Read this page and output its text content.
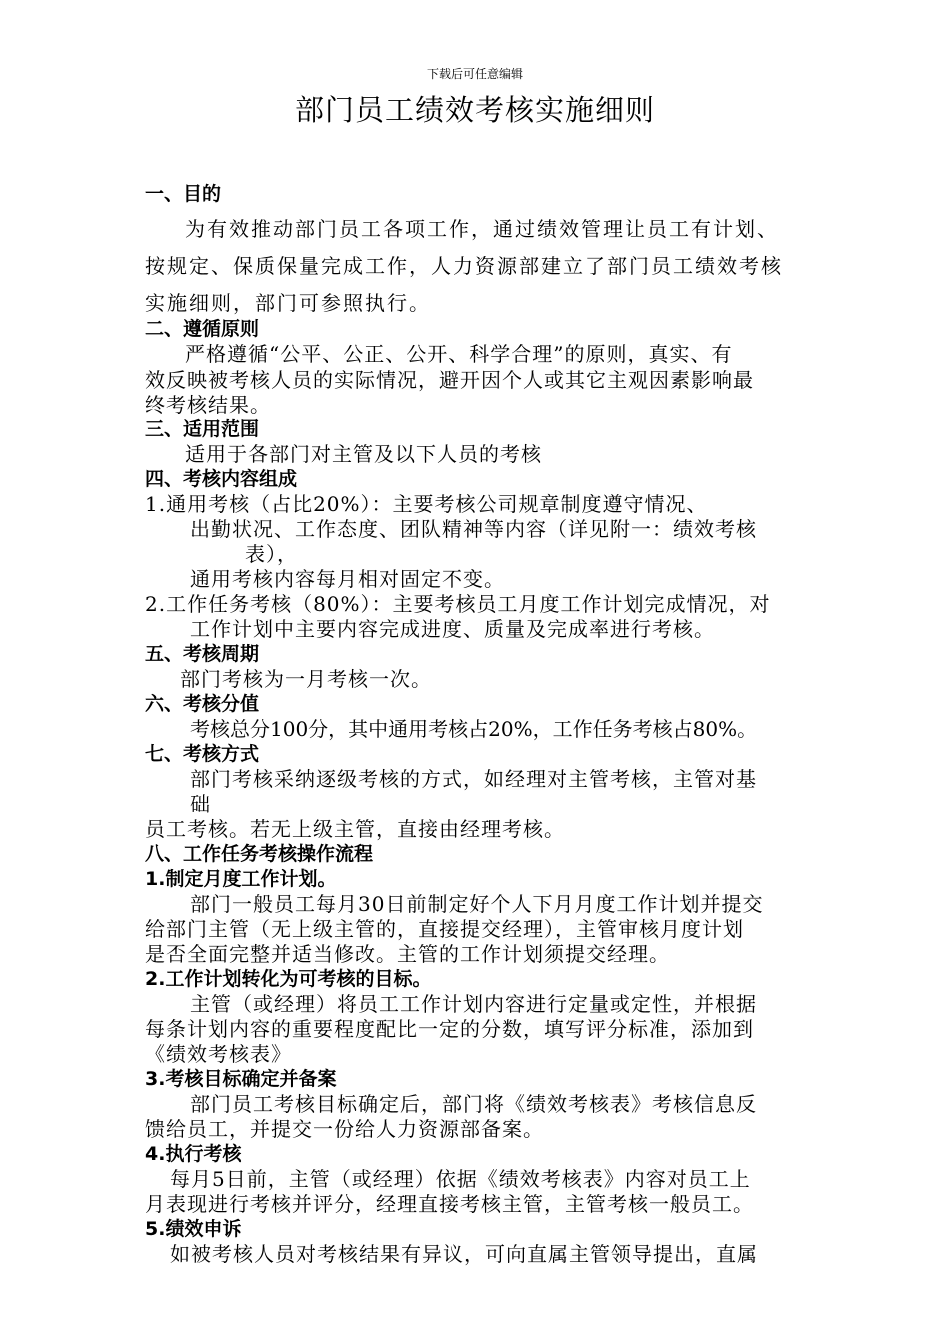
下载后可任意编辑
部门员工绩效考核实施细则
一、目的
为有效推动部门员工各项工作，通过绩效管理让员工有计划、
按规定、保质保量完成工作，人力资源部建立了部门员工绩效考核
实施细则，部门可参照执行。
二、遵循原则
严格遵循“公平、公正、公开、科学合理”的原则，真实、有
效反映被考核人员的实际情况，避开因个人或其它主观因素影响最
终考核结果。
三、适用范围
适用于各部门对主管及以下人员的考核
四、考核内容组成
1.通用考核（占比20%）：主要考核公司规章制度遵守情况、
出勤状况、工作态度、团队精神等内容（详见附一：绩效考核
表），
通用考核内容每月相对固定不变。
2.工作任务考核（80%）：主要考核员工月度工作计划完成情况，对
工作计划中主要内容完成进度、质量及完成率进行考核。
五、考核周期
部门考核为一月考核一次。
六、考核分值
考核总分100分，其中通用考核占20%，工作任务考核占80%。
七、考核方式
部门考核采纳逐级考核的方式，如经理对主管考核，主管对基
础
员工考核。若无上级主管，直接由经理考核。
八、工作任务考核操作流程
1.制定月度工作计划。
部门一般员工每月30日前制定好个人下月月度工作计划并提交
给部门主管（无上级主管的，直接提交经理），主管审核月度计划
是否全面完整并适当修改。主管的工作计划须提交经理。
2.工作计划转化为可考核的目标。
主管（或经理）将员工工作计划内容进行定量或定性，并根据
每条计划内容的重要程度配比一定的分数，填写评分标准，添加到
《绩效考核表》
3.考核目标确定并备案
部门员工考核目标确定后，部门将《绩效考核表》考核信息反
馈给员工，并提交一份给人力资源部备案。
4.执行考核
每月5日前，主管（或经理）依据《绩效考核表》内容对员工上
月表现进行考核并评分，经理直接考核主管，主管考核一般员工。
5.绩效申诉
如被考核人员对考核结果有异议，可向直属主管领导提出，直属
